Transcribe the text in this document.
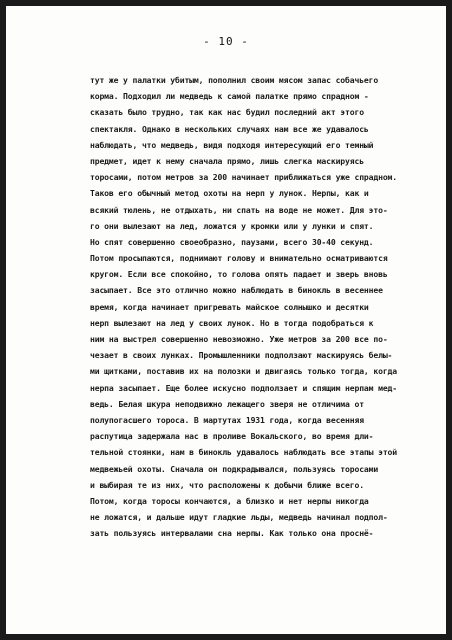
- 10 -
тут же у палатки убитым, пополнил своим мясом запас собачьего
корма. Подходил ли медведь к самой палатке прямо спрадном -
сказать было трудно, так как нас будил последний акт этого
спектакля. Однако в нескольких случаях нам все же удавалось
наблюдать, что медведь, видя подходя интересующий его темный
предмет, идет к нему сначала прямо, лишь слегка маскируясь
торосами, потом метров за 200 начинает приближаться уже спрадном.
Таков его обычный метод охоты на нерп у лунок. Нерпы, как и
всякий тюлень, не отдыхать, ни спать на воде не может. Для это-
го они вылезают на лед, ложатся у кромки или у лунки и спят.
Но спят совершенно своеобразно, паузами, всего 30-40 секунд.
Потом просыпаются, поднимают голову и внимательно осматриваются
кругом. Если все спокойно, то голова опять падает и зверь вновь
засыпает. Все это отлично можно наблюдать в бинокль в весеннее
время, когда начинает пригревать майское солнышко и десятки
нерп вылезают на лед у своих лунок. Но в тогда подобраться к
ним на выстрел совершенно невозможно. Уже метров за 200 все по-
чезает в своих лунках. Промышленники подползают маскируясь белы-
ми щитками, поставив их на полозки и двигаясь только тогда, когда
нерпа засыпает. Еще более искусно подползает и спящим нерпам мед-
ведь. Белая шкура неподвижно лежащего зверя не отличима от
полупогасшего тороса. В мартутах 1931 года, когда весенняя
распутица задержала нас в проливе Вокальского, во время дли-
тельной стоянки, нам в бинокль удавалось наблюдать все этапы этой
медвежьей охоты. Сначала он подкрадывался, пользуясь торосами
и выбирая те из них, что расположены к добычи ближе всего.
Потом, когда торосы кончаются, а близко и нет нерпы никогда
не ложатся, и дальше идут гладкие льды, медведь начинал подпол-
зать пользуясь интервалами сна нерпы. Как только она проснё-
